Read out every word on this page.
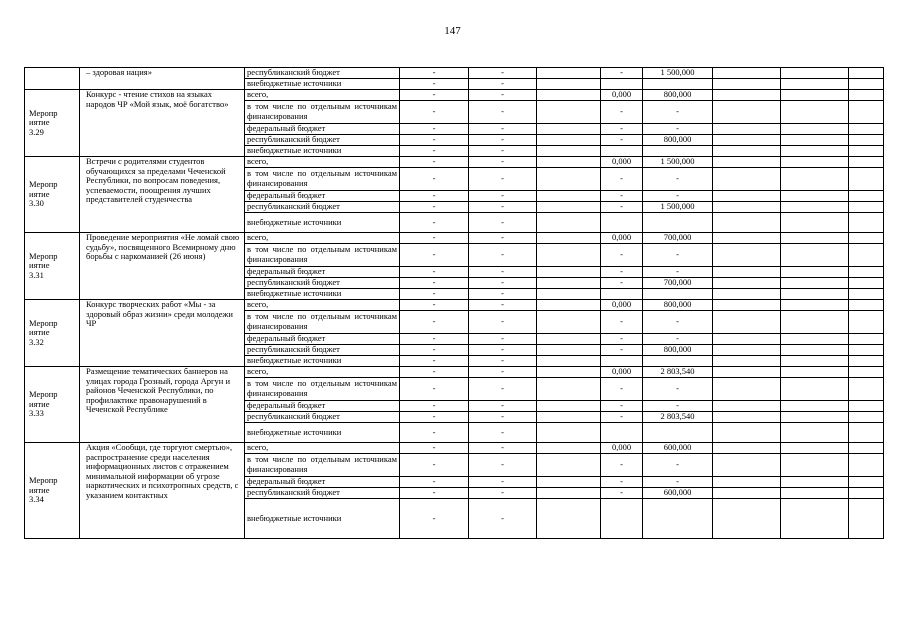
147
	– здоровая нация»	республиканский бюджет	-	-		-	1 500,000			
		внебюджетные источники	-	-						
Меропр
иятие
3.29	Конкурс - чтение стихов на языках народов ЧР «Мой язык, моё богатство»	всего,	-	-		0,000	800,000			
		в том числе по отдельным источникам финансирования	-	-		-	-			
		федеральный бюджет	-	-		-	-			
		республиканский бюджет	-	-		-	800,000			
		внебюджетные источники	-	-						
Меропр
иятие
3.30	Встречи с родителями студентов обучающихся за пределами Чеченской Республики, по вопросам поведения, успеваемости, поощрения лучших представителей студенчества	всего,	-	-		0,000	1 500,000			
		в том числе по отдельным источникам финансирования	-	-		-	-			
		федеральный бюджет	-	-		-	-			
		республиканский бюджет	-	-		-	1 500,000			
		внебюджетные источники	-	-						
Меропр
иятие
3.31	Проведение мероприятия «Не ломай свою судьбу», посвященного Всемирному дню борьбы с наркоманией (26 июня)	всего,	-	-		0,000	700,000			
		в том числе по отдельным источникам финансирования	-	-		-	-			
		федеральный бюджет	-	-		-	-			
		республиканский бюджет	-	-		-	700,000			
		внебюджетные источники	-	-						
Меропр
иятие
3.32	Конкурс творческих работ «Мы - за здоровый образ жизни» среди молодежи ЧР	всего,	-	-		0,000	800,000			
		в том числе по отдельным источникам финансирования	-	-		-	-			
		федеральный бюджет	-	-		-	-			
		республиканский бюджет	-	-		-	800,000			
		внебюджетные источники	-	-						
Меропр
иятие
3.33	Размещение тематических баннеров на улицах города Грозный, города Аргун и районов Чеченской Республики, по профилактике правонарушений в Чеченской Республике	всего,	-	-		0,000	2 803,540			
		в том числе по отдельным источникам финансирования	-	-		-	-			
		федеральный бюджет	-	-		-	-			
		республиканский бюджет	-	-		-	2 803,540			
		внебюджетные источники	-	-						
Меропр
иятие
3.34	Акция «Сообщи, где торгуют смертью», распространение среди населения информационных листов с отражением минимальной информации об угрозе наркотических и психотропных средств, с указанием контактных	всего,	-	-		0,000	600,000			
		в том числе по отдельным источникам финансирования	-	-		-	-			
		федеральный бюджет	-	-		-	-			
		республиканский бюджет	-	-		-	600,000			
		внебюджетные источники	-	-						
